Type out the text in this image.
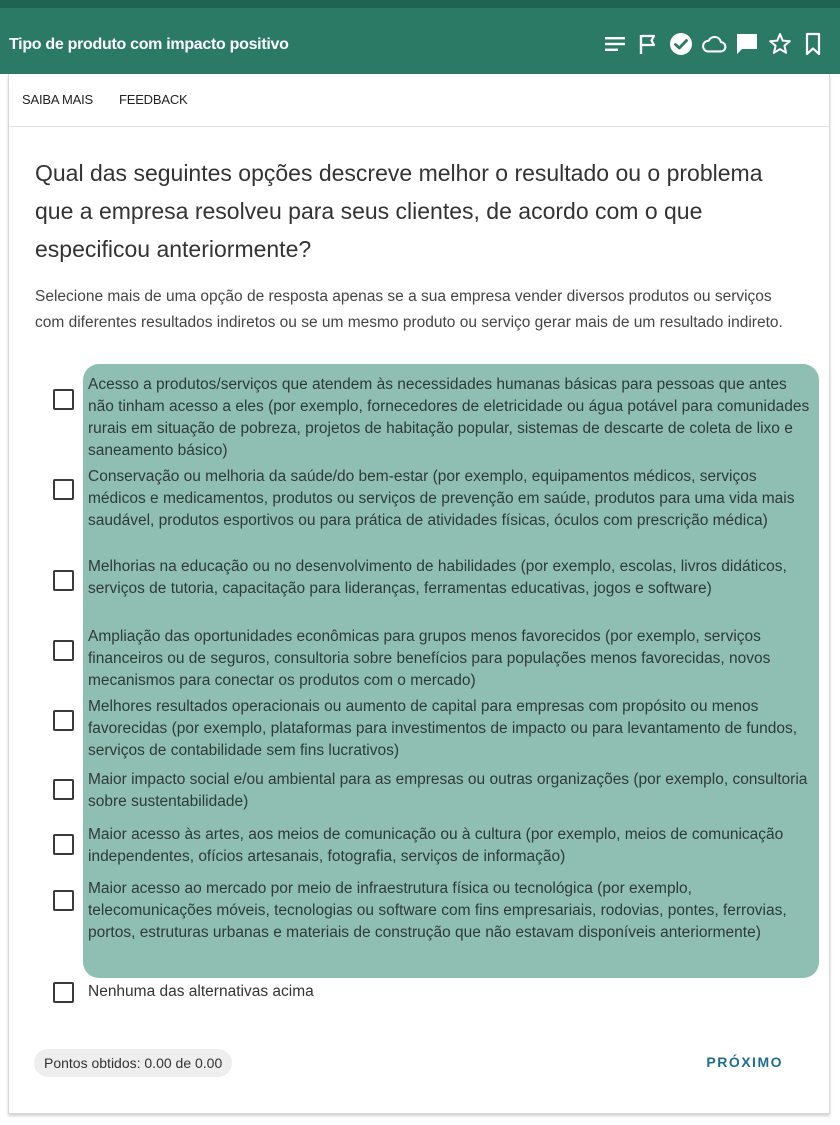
Tipo de produto com impacto positivo
SAIBA MAIS FEEDBACK
Qual das seguintes opções descreve melhor o resultado ou o problema que a empresa resolveu para seus clientes, de acordo com o que especificou anteriormente?
Selecione mais de uma opção de resposta apenas se a sua empresa vender diversos produtos ou serviços com diferentes resultados indiretos ou se um mesmo produto ou serviço gerar mais de um resultado indireto.
Acesso a produtos/serviços que atendem às necessidades humanas básicas para pessoas que antes não tinham acesso a eles (por exemplo, fornecedores de eletricidade ou água potável para comunidades rurais em situação de pobreza, projetos de habitação popular, sistemas de descarte de coleta de lixo e saneamento básico)
Conservação ou melhoria da saúde/do bem-estar (por exemplo, equipamentos médicos, serviços médicos e medicamentos, produtos ou serviços de prevenção em saúde, produtos para uma vida mais saudável, produtos esportivos ou para prática de atividades físicas, óculos com prescrição médica)
Melhorias na educação ou no desenvolvimento de habilidades (por exemplo, escolas, livros didáticos, serviços de tutoria, capacitação para lideranças, ferramentas educativas, jogos e software)
Ampliação das oportunidades econômicas para grupos menos favorecidos (por exemplo, serviços financeiros ou de seguros, consultoria sobre benefícios para populações menos favorecidas, novos mecanismos para conectar os produtos com o mercado)
Melhores resultados operacionais ou aumento de capital para empresas com propósito ou menos favorecidas (por exemplo, plataformas para investimentos de impacto ou para levantamento de fundos, serviços de contabilidade sem fins lucrativos)
Maior impacto social e/ou ambiental para as empresas ou outras organizações (por exemplo, consultoria sobre sustentabilidade)
Maior acesso às artes, aos meios de comunicação ou à cultura (por exemplo, meios de comunicação independentes, ofícios artesanais, fotografia, serviços de informação)
Maior acesso ao mercado por meio de infraestrutura física ou tecnológica (por exemplo, telecomunicações móveis, tecnologias ou software com fins empresariais, rodovias, pontes, ferrovias, portos, estruturas urbanas e materiais de construção que não estavam disponíveis anteriormente)
Nenhuma das alternativas acima
Pontos obtidos: 0.00 de 0.00	PRÓXIMO
